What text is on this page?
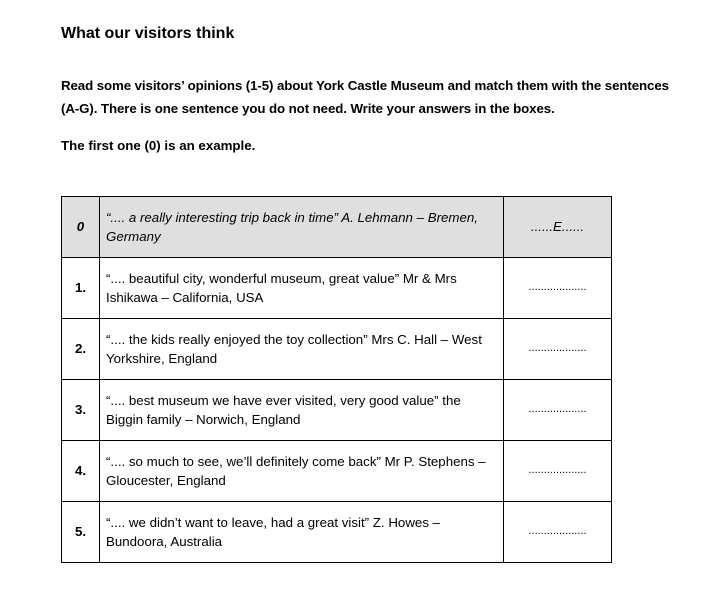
What our visitors think
Read some visitors’ opinions (1-5) about York Castle Museum and match them with the sentences (A-G). There is one sentence you do not need. Write your answers in the boxes.
The first one (0) is an example.
0	“.... a really interesting trip back in time” A. Lehmann – Bremen, Germany	......E......
1.	“.... beautiful city, wonderful museum, great value” Mr & Mrs Ishikawa – California, USA	...................
2.	“.... the kids really enjoyed the toy collection” Mrs C. Hall – West Yorkshire, England	...................
3.	“.... best museum we have ever visited, very good value” the Biggin family – Norwich, England	...................
4.	“.... so much to see, we’ll definitely come back” Mr P. Stephens – Gloucester, England	...................
5.	“.... we didn’t want to leave, had a great visit” Z. Howes – Bundoora, Australia	...................
